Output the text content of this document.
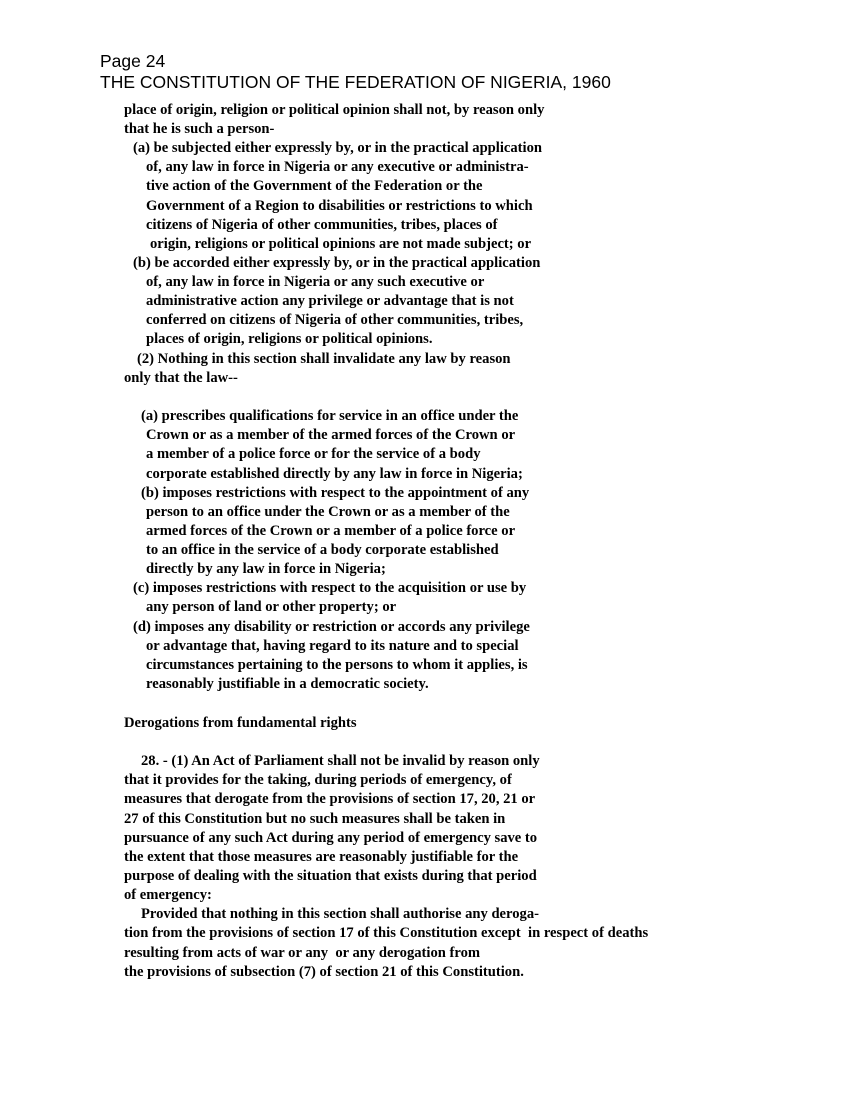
Page 24
THE CONSTITUTION OF THE FEDERATION OF NIGERIA, 1960

place of origin, religion or political opinion shall not, by reason only

that he is such a person-

(a) be subjected either expressly by, or in the practical application

of, any law in force in Nigeria or any executive or administra-

tive action of the Government of the Federation or the

Government of a Region to disabilities or restrictions to which

citizens of Nigeria of other communities, tribes, places of

origin, religions or political opinions are not made subject; or

(b) be accorded either expressly by, or in the practical application

of, any law in force in Nigeria or any such executive or

administrative action any privilege or advantage that is not

conferred on citizens of Nigeria of other communities, tribes,

places of origin, religions or political opinions.

(2) Nothing in this section shall invalidate any law by reason

only that the law--

(a) prescribes qualifications for service in an office under the

Crown or as a member of the armed forces of the Crown or

a member of a police force or for the service of a body

corporate established directly by any law in force in Nigeria;

(b) imposes restrictions with respect to the appointment of any

person to an office under the Crown or as a member of the

armed forces of the Crown or a member of a police force or

to an office in the service of a body corporate established

directly by any law in force in Nigeria;

(c) imposes restrictions with respect to the acquisition or use by

any person of land or other property; or

(d) imposes any disability or restriction or accords any privilege

or advantage that, having regard to its nature and to special

circumstances pertaining to the persons to whom it applies, is

reasonably justifiable in a democratic society.

Derogations from fundamental rights

28. - (1) An Act of Parliament shall not be invalid by reason only

that it provides for the taking, during periods of emergency, of

measures that derogate from the provisions of section 17, 20, 21 or

27 of this Constitution but no such measures shall be taken in

pursuance of any such Act during any period of emergency save to

the extent that those measures are reasonably justifiable for the

purpose of dealing with the situation that exists during that period

of emergency:

Provided that nothing in this section shall authorise any deroga-

tion from the provisions of section 17 of this Constitution except  in respect of deaths

resulting from acts of war or any  or any derogation from

the provisions of subsection (7) of section 21 of this Constitution.
